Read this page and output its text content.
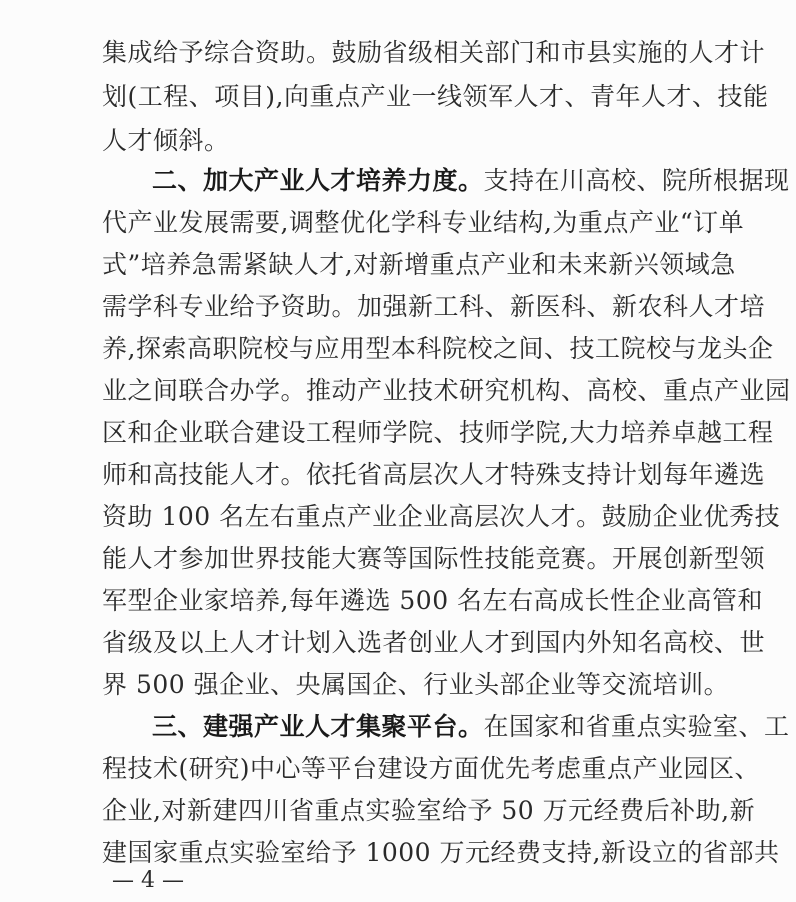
集成给予综合资助。鼓励省级相关部门和市县实施的人才计
划(工程、项目),向重点产业一线领军人才、青年人才、技能
人才倾斜。
二、加大产业人才培养力度。支持在川高校、院所根据现
代产业发展需要,调整优化学科专业结构,为重点产业“订单
式”培养急需紧缺人才,对新增重点产业和未来新兴领域急
需学科专业给予资助。加强新工科、新医科、新农科人才培
养,探索高职院校与应用型本科院校之间、技工院校与龙头企
业之间联合办学。推动产业技术研究机构、高校、重点产业园
区和企业联合建设工程师学院、技师学院,大力培养卓越工程
师和高技能人才。依托省高层次人才特殊支持计划每年遴选
资助 100 名左右重点产业企业高层次人才。鼓励企业优秀技
能人才参加世界技能大赛等国际性技能竞赛。开展创新型领
军型企业家培养,每年遴选 500 名左右高成长性企业高管和
省级及以上人才计划入选者创业人才到国内外知名高校、世
界 500 强企业、央属国企、行业头部企业等交流培训。
三、建强产业人才集聚平台。在国家和省重点实验室、工
程技术(研究)中心等平台建设方面优先考虑重点产业园区、
企业,对新建四川省重点实验室给予 50 万元经费后补助,新
建国家重点实验室给予 1000 万元经费支持,新设立的省部共
— 4 —
